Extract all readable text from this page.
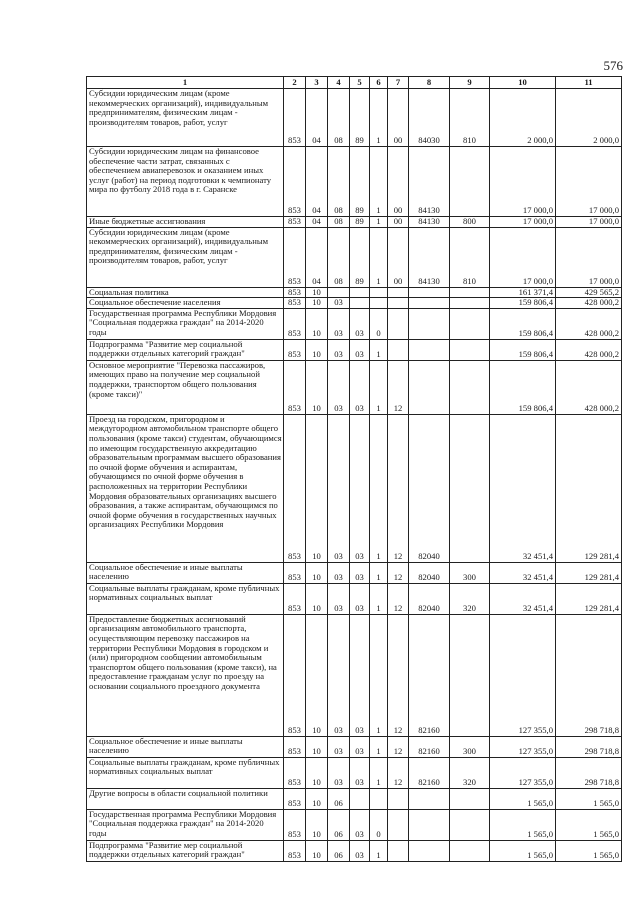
576
1	2	3	4	5	6	7	8	9	10	11
Субсидии юридическим лицам (кроме некоммерческих организаций), индивидуальным предпринимателям, физическим лицам - производителям товаров, работ, услуг	853	04	08	89	1	00	84030	810	2 000,0	2 000,0
Субсидии юридическим лицам на финансовое обеспечение части затрат, связанных с обеспечением авиаперевозок и оказанием иных услуг (работ) на период подготовки к чемпионату мира по футболу 2018 года в г. Саранске	853	04	08	89	1	00	84130		17 000,0	17 000,0
Иные бюджетные ассигнования	853	04	08	89	1	00	84130	800	17 000,0	17 000,0
Субсидии юридическим лицам (кроме некоммерческих организаций), индивидуальным предпринимателям, физическим лицам - производителям товаров, работ, услуг	853	04	08	89	1	00	84130	810	17 000,0	17 000,0
Социальная политика	853	10							161 371,4	429 565,2
Социальное обеспечение населения	853	10	03						159 806,4	428 000,2
Государственная программа Республики Мордовия "Социальная поддержка граждан" на 2014-2020 годы	853	10	03	03	0				159 806,4	428 000,2
Подпрограмма "Развитие мер социальной поддержки отдельных категорий граждан"	853	10	03	03	1				159 806,4	428 000,2
Основное мероприятие "Перевозка пассажиров, имеющих право на получение мер социальной поддержки, транспортом общего пользования (кроме такси)"	853	10	03	03	1	12			159 806,4	428 000,2
Проезд на городском, пригородном и междугородном автомобильном транспорте общего пользования (кроме такси) студентам, обучающимся по имеющим государственную аккредитацию образовательным программам высшего образования по очной форме обучения и аспирантам, обучающимся по очной форме обучения в расположенных на территории Республики Мордовия образовательных организациях высшего образования, а также аспирантам, обучающимся по очной форме обучения в государственных научных организациях Республики Мордовия	853	10	03	03	1	12	82040		32 451,4	129 281,4
Социальное обеспечение и иные выплаты населению	853	10	03	03	1	12	82040	300	32 451,4	129 281,4
Социальные выплаты гражданам, кроме публичных нормативных социальных выплат	853	10	03	03	1	12	82040	320	32 451,4	129 281,4
Предоставление бюджетных ассигнований организациям автомобильного транспорта, осуществляющим перевозку пассажиров на территории Республики Мордовия в городском и (или) пригородном сообщении автомобильным транспортом общего пользования (кроме такси), на предоставление гражданам услуг по проезду на основании социального проездного документа	853	10	03	03	1	12	82160		127 355,0	298 718,8
Социальное обеспечение и иные выплаты населению	853	10	03	03	1	12	82160	300	127 355,0	298 718,8
Социальные выплаты гражданам, кроме публичных нормативных социальных выплат	853	10	03	03	1	12	82160	320	127 355,0	298 718,8
Другие вопросы в области социальной политики	853	10	06						1 565,0	1 565,0
Государственная программа Республики Мордовия "Социальная поддержка граждан" на 2014-2020 годы	853	10	06	03	0				1 565,0	1 565,0
Подпрограмма "Развитие мер социальной поддержки отдельных категорий граждан"	853	10	06	03	1				1 565,0	1 565,0
